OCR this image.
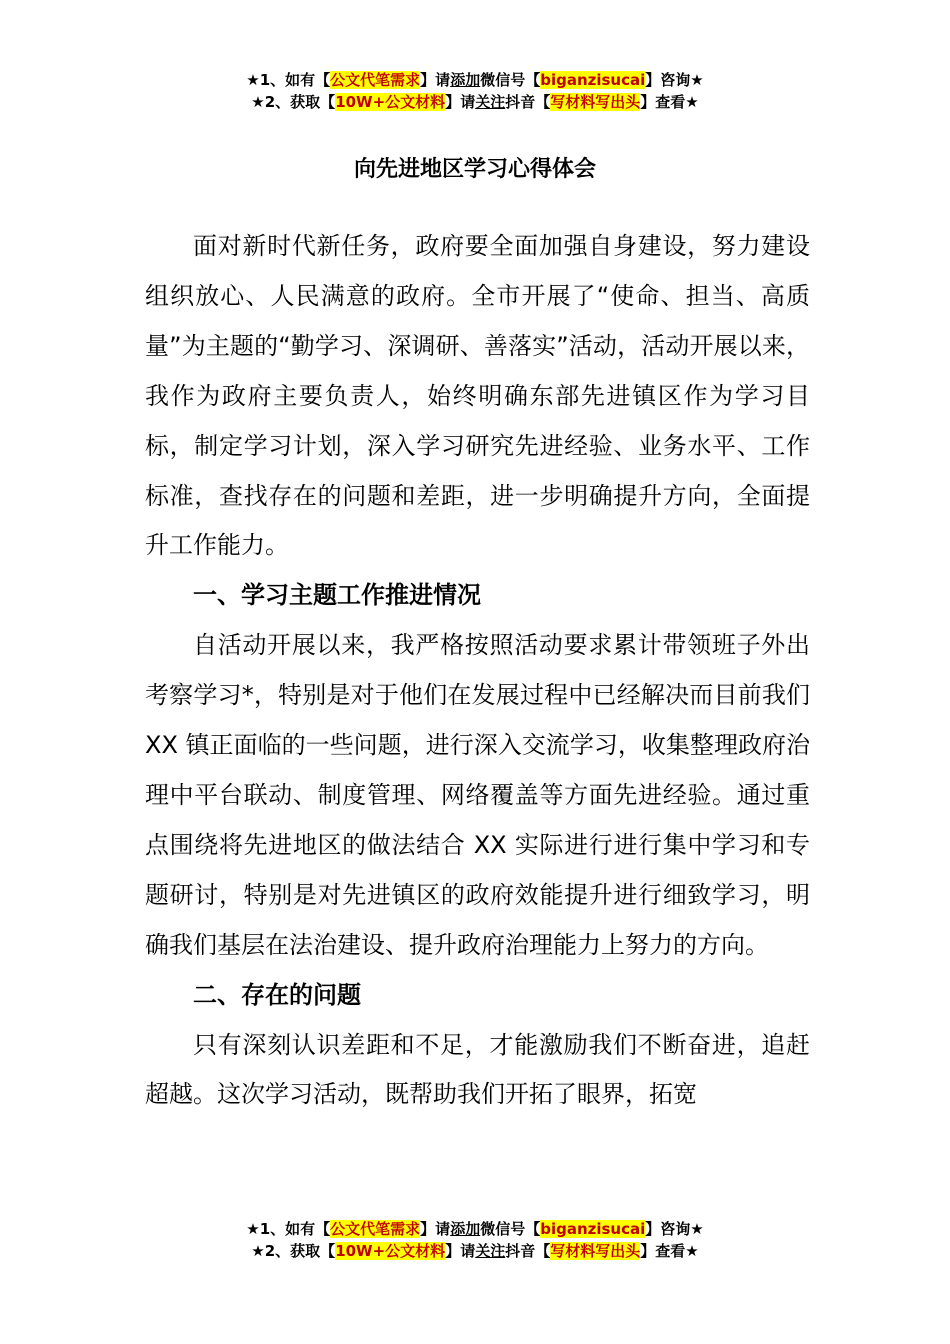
★1、如有【公文代笔需求】请添加微信号【biganzisucai】咨询★
★2、获取【10W+公文材料】请关注抖音【写材料写出头】查看★
向先进地区学习心得体会

面对新时代新任务，政府要全面加强自身建设，努力建设组织放心、人民满意的政府。全市开展了“使命、担当、高质量”为主题的“勤学习、深调研、善落实”活动，活动开展以来，我作为政府主要负责人，始终明确东部先进镇区作为学习目标，制定学习计划，深入学习研究先进经验、业务水平、工作标准，查找存在的问题和差距，进一步明确提升方向，全面提升工作能力。

一、学习主题工作推进情况

自活动开展以来，我严格按照活动要求累计带领班子外出考察学习*，特别是对于他们在发展过程中已经解决而目前我们 XX 镇正面临的一些问题，进行深入交流学习，收集整理政府治理中平台联动、制度管理、网络覆盖等方面先进经验。通过重点围绕将先进地区的做法结合 XX 实际进行进行集中学习和专题研讨，特别是对先进镇区的政府效能提升进行细致学习，明确我们基层在法治建设、提升政府治理能力上努力的方向。

二、存在的问题

只有深刻认识差距和不足，才能激励我们不断奋进，追赶超越。这次学习活动，既帮助我们开拓了眼界，拓宽

★1、如有【公文代笔需求】请添加微信号【biganzisucai】咨询★
★2、获取【10W+公文材料】请关注抖音【写材料写出头】查看★
